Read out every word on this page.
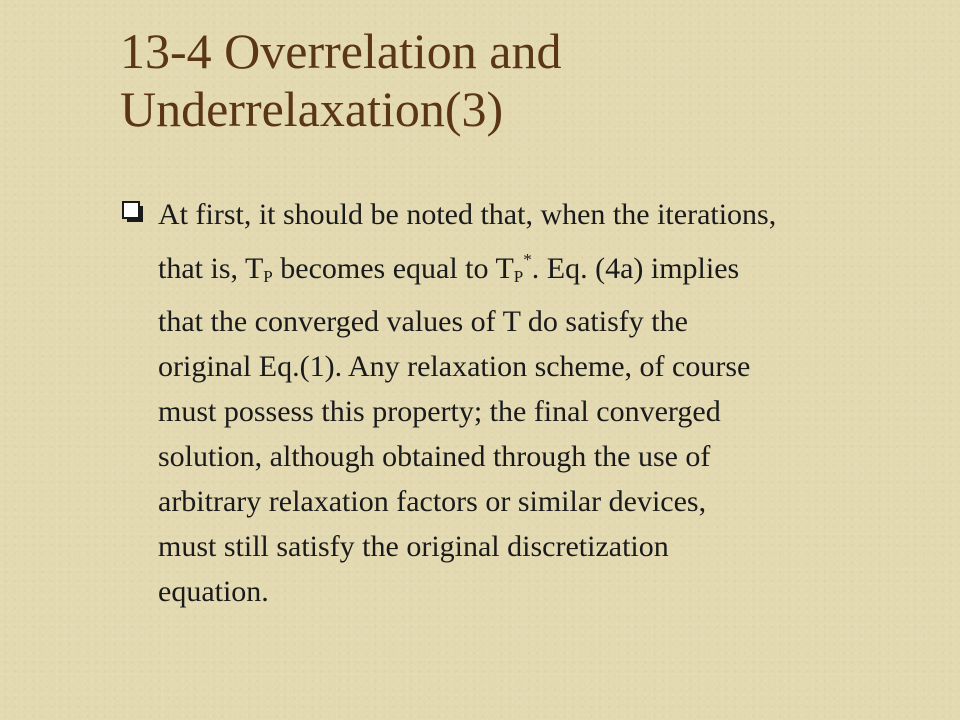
13-4 Overrelation and
Underrelaxation(3)
At first, it should be noted that, when the iterations,
that is, $T_P$ becomes equal to $T_P^*$. Eq. (4a) implies
that the converged values of T do satisfy the
original Eq.(1). Any relaxation scheme, of course
must possess this property; the final converged
solution, although obtained through the use of
arbitrary relaxation factors or similar devices,
must still satisfy the original discretization
equation.
